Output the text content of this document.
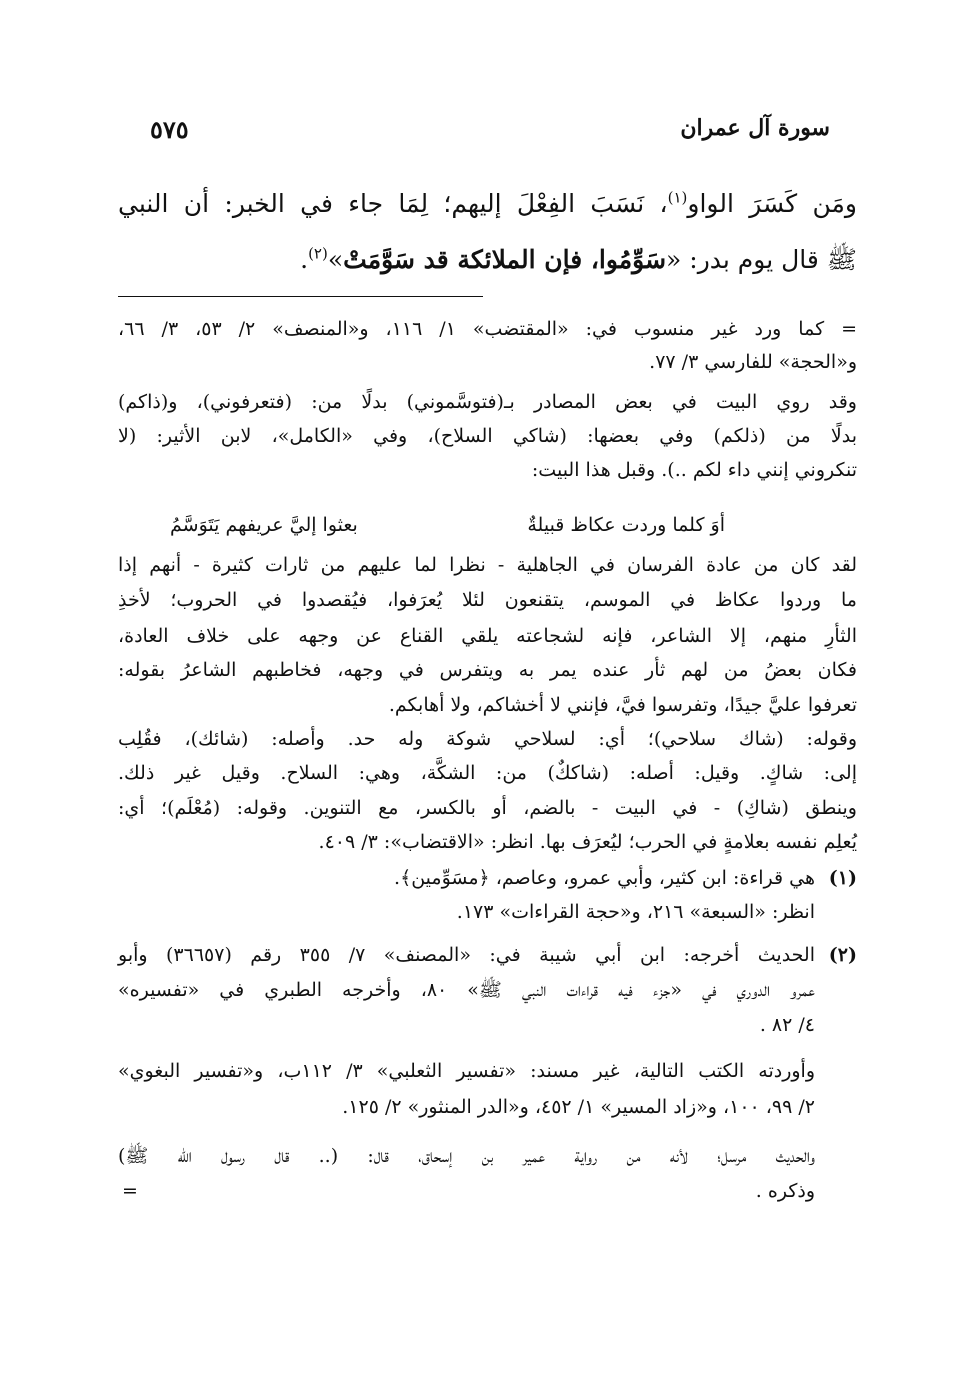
سورة آل عمران
٥٧٥
ومَن كَسَرَ الواو$^{(١)}$، نَسَبَ الفِعْلَ إليهم؛ لِمَا جاء في الخبر: أن النبي
ﷺ قال يوم بدر: «سَوِّمُوا، فإن الملائكة قد سَوَّمَتْ»$^{(٢)}$.
= كما ورد غير منسوب في: «المقتضب» ١/ ١١٦، و«المنصف» ٢/ ٥٣، ٣/ ٦٦،
و«الحجة» للفارسي ٣/ ٧٧.
وقد روي البيت في بعض المصادر بـ(فتوسَّموني) بدلًا من: (فتعرفوني)، و(ذاكم)
بدلًا من (ذلكم) وفي بعضها: (شاكي السلاح)، وفي «الكامل»، لابن الأثير: (لا
تنكروني إنني داء لكم ..). وقبل هذا البيت:
أوَ كلما وردت عكاظ قبيلةٌ
بعثوا إليَّ عريفهم يَتَوَسَّمُ
لقد كان من عادة الفرسان في الجاهلية - نظرا لما عليهم من ثارات كثيرة - أنهم إذا
ما وردوا عكاظ في الموسم، يتقنعون لئلا يُعرَفوا، فيُقصدوا في الحروب؛ لأخذِ
الثأرِ منهم، إلا الشاعر، فإنه لشجاعته يلقي القناع عن وجهه على خلاف العادة،
فكان بعضُ من لهم ثأر عنده يمر به ويتفرس في وجهه، فخاطبهم الشاعرُ بقوله:
تعرفوا عليَّ جيدًا، وتفرسوا فيَّ، فإنني لا أخشاكم، ولا أهابكم.
وقوله: (شاك سلاحي)؛ أي: لسلاحي شوكة وله حد. وأصله: (شائك)، فقُلِب
إلى: شاكٍ. وقيل: أصله: (شاككٌ) من: الشكَّة، وهي: السلاح. وقيل غير ذلك.
وينطق (شاكِ) - في البيت - بالضم، أو بالكسر، مع التنوين. وقوله: (مُعْلَم)؛ أي:
يُعلِم نفسه بعلامةٍ في الحرب؛ ليُعرَف بها. انظر: «الاقتضاب»: ٣/ ٤٠٩.
(١)
هي قراءة: ابن كثير، وأبي عمرو، وعاصم، ﴿مسَوِّمين﴾.
انظر: «السبعة» ٢١٦، و«حجة القراءات» ١٧٣.
(٢)
الحديث أخرجه: ابن أبي شيبة في: «المصنف» ٧/ ٣٥٥ رقم (٣٦٦٥٧) وأبو
عمرو الدوري في «جزء فيه قراءات النبي ﷺ» ٨٠، وأخرجه الطبري في «تفسيره»
٤/ ٨٢ .
وأوردته الكتب التالية، غير مسند: «تفسير الثعلبي» ٣/ ١١٢ب، و«تفسير البغوي»
٢/ ٩٩، ١٠٠، و«زاد المسير» ١/ ٤٥٢، و«الدر المنثور» ٢/ ١٢٥.
والحديث مرسل؛ لأنه من رواية عمير بن إسحاق، قال: (.. قال رسول الله ﷺ)
وذكره .
=
